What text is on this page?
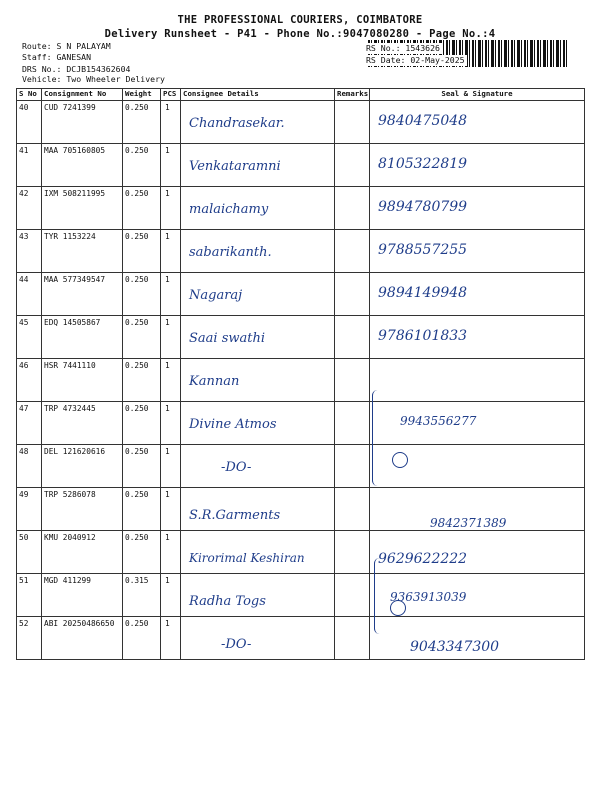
THE PROFESSIONAL COURIERS, COIMBATORE
Delivery Runsheet - P41 - Phone No.:9047080280 - Page No.:4
Route: S N PALAYAM
Staff: GANESAN
DRS No.: DCJB154362604
Vehicle: Two Wheeler Delivery
RS No.: 1543626
RS Date: 02-May-2025
S No	Consignment No	Weight	PCS	Consignee Details	Remarks	Seal & Signature
40	CUD 7241399	0.250	1	Chandrasekar.		9840475048

41	MAA 705160805	0.250	1	Venkataramni		8105322819

42	IXM 508211995	0.250	1	malaichamy		9894780799

43	TYR 1153224	0.250	1	sabarikanth.		9788557255

44	MAA 577349547	0.250	1	Nagaraj		9894149948

45	EDQ 14505867	0.250	1	Saai swathi		9786101833

46	HSR 7441110	0.250	1	Kannan		

47	TRP 4732445	0.250	1	Divine Atmos		9943556277

48	DEL 121620616	0.250	1	-DO-		

49	TRP 5286078	0.250	1	S.R.Garments		9842371389

50	KMU 2040912	0.250	1	Kirorimal Keshiran		9629622222

51	MGD 411299	0.315	1	Radha Togs		9363913039

52	ABI 20250486650	0.250	1	-DO-		9043347300
